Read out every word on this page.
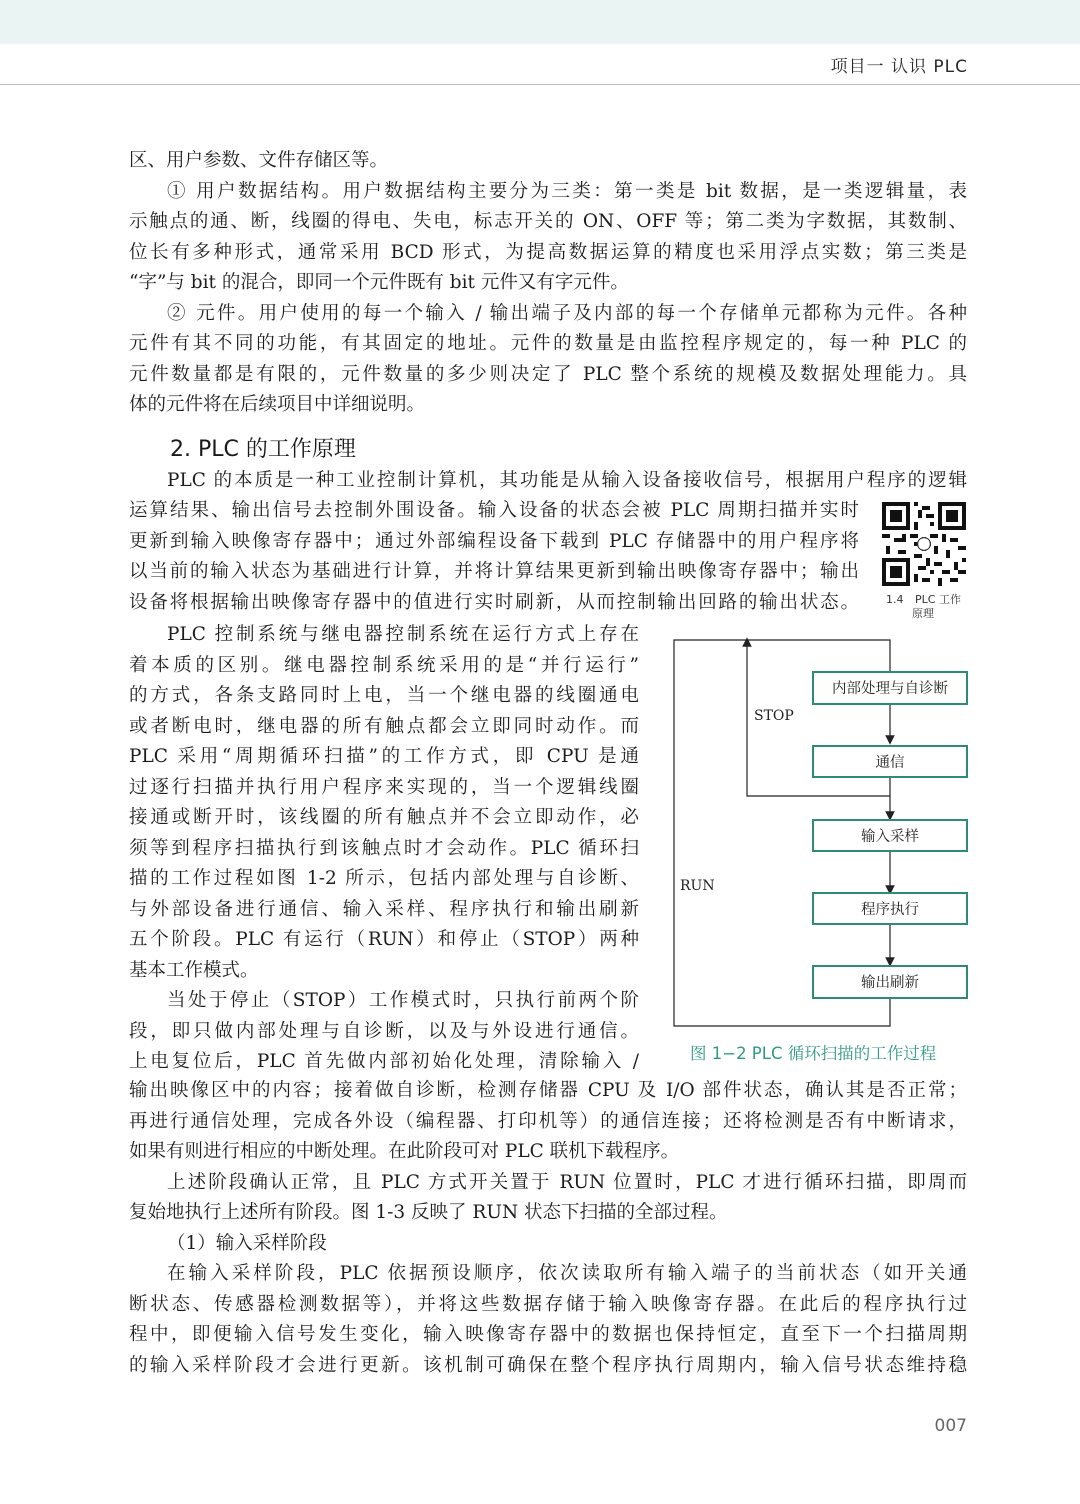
项目一 认识 PLC

区、用户参数、文件存储区等。

① 用户数据结构。用户数据结构主要分为三类：第一类是 bit 数据，是一类逻辑量，表

示触点的通、断，线圈的得电、失电，标志开关的 ON、OFF 等；第二类为字数据，其数制、

位长有多种形式，通常采用 BCD 形式，为提高数据运算的精度也采用浮点实数；第三类是

“字”与 bit 的混合，即同一个元件既有 bit 元件又有字元件。

② 元件。用户使用的每一个输入 / 输出端子及内部的每一个存储单元都称为元件。各种

元件有其不同的功能，有其固定的地址。元件的数量是由监控程序规定的，每一种 PLC 的

元件数量都是有限的，元件数量的多少则决定了 PLC 整个系统的规模及数据处理能力。具

体的元件将在后续项目中详细说明。

2. PLC 的工作原理

PLC 的本质是一种工业控制计算机，其功能是从输入设备接收信号，根据用户程序的逻辑

运算结果、输出信号去控制外围设备。输入设备的状态会被 PLC 周期扫描并实时

更新到输入映像寄存器中；通过外部编程设备下载到 PLC 存储器中的用户程序将

以当前的输入状态为基础进行计算，并将计算结果更新到输出映像寄存器中；输出

设备将根据输出映像寄存器中的值进行实时刷新，从而控制输出回路的输出状态。 1.4 PLC 工作
原理

PLC 控制系统与继电器控制系统在运行方式上存在

着本质的区别。继电器控制系统采用的是“并行运行”

的方式，各条支路同时上电，当一个继电器的线圈通电

或者断电时，继电器的所有触点都会立即同时动作。而

PLC 采用“周期循环扫描”的工作方式，即 CPU 是通

过逐行扫描并执行用户程序来实现的，当一个逻辑线圈

接通或断开时，该线圈的所有触点并不会立即动作，必

须等到程序扫描执行到该触点时才会动作。PLC 循环扫

描的工作过程如图 1-2 所示，包括内部处理与自诊断、

与外部设备进行通信、输入采样、程序执行和输出刷新

五个阶段。PLC 有运行（RUN）和停止（STOP）两种

基本工作模式。

当处于停止（STOP）工作模式时，只执行前两个阶

段，即只做内部处理与自诊断，以及与外设进行通信。

上电复位后，PLC 首先做内部初始化处理，清除输入 /

内部处理与自诊断
通信
输入采样
程序执行
输出刷新
STOP
RUN
图 1−2 PLC 循环扫描的工作过程

输出映像区中的内容；接着做自诊断，检测存储器 CPU 及 I/O 部件状态，确认其是否正常；

再进行通信处理，完成各外设（编程器、打印机等）的通信连接；还将检测是否有中断请求，

如果有则进行相应的中断处理。在此阶段可对 PLC 联机下载程序。

上述阶段确认正常，且 PLC 方式开关置于 RUN 位置时，PLC 才进行循环扫描，即周而

复始地执行上述所有阶段。图 1-3 反映了 RUN 状态下扫描的全部过程。

（1）输入采样阶段

在输入采样阶段，PLC 依据预设顺序，依次读取所有输入端子的当前状态（如开关通

断状态、传感器检测数据等），并将这些数据存储于输入映像寄存器。在此后的程序执行过

程中，即便输入信号发生变化，输入映像寄存器中的数据也保持恒定，直至下一个扫描周期

的输入采样阶段才会进行更新。该机制可确保在整个程序执行周期内，输入信号状态维持稳

007
